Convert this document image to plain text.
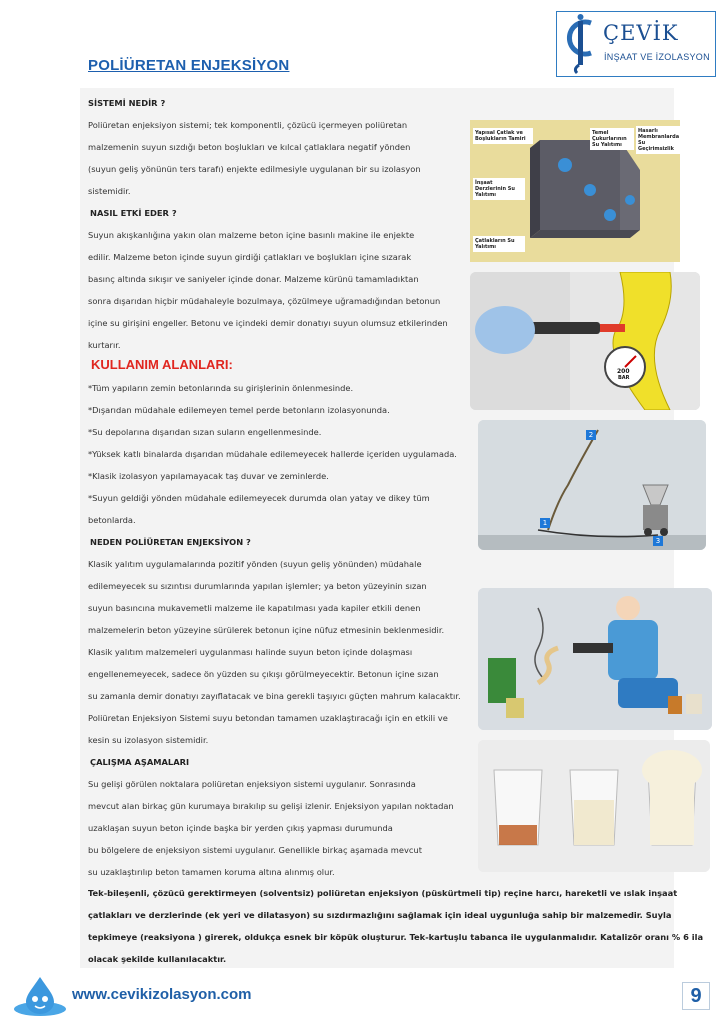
ÇEVİK
İNŞAAT VE İZOLASYON
POLİÜRETAN ENJEKSİYON
SİSTEMİ NEDİR ?
Poliüretan enjeksiyon sistemi; tek komponentli, çözücü içermeyen poliüretan
malzemenin suyun sızdığı beton boşlukları ve kılcal çatlaklara negatif yönden
(suyun geliş yönünün ters tarafı) enjekte edilmesiyle uygulanan bir su izolasyon
sistemidir.
NASIL ETKİ EDER ?
Suyun akışkanlığına yakın olan malzeme beton içine basınlı makine ile enjekte
edilir. Malzeme beton içinde suyun girdiği çatlakları ve boşlukları içine sızarak
basınç altında sıkışır ve saniyeler içinde donar. Malzeme kürünü tamamladıktan
sonra dışarıdan hiçbir müdahaleyle bozulmaya, çözülmeye uğramadığından betonun
içine su girişini engeller. Betonu ve içindeki demir donatıyı suyun olumsuz etkilerinden
kurtarır.
KULLANIM ALANLARI:
*Tüm yapıların zemin betonlarında su girişlerinin önlenmesinde.
*Dışarıdan müdahale edilemeyen temel perde betonların izolasyonunda.
*Su depolarına dışarıdan sızan suların engellenmesinde.
*Yüksek katlı binalarda dışarıdan müdahale edilemeyecek hallerde içeriden uygulamada.
*Klasik izolasyon yapılamayacak taş duvar ve zeminlerde.
*Suyun geldiği yönden müdahale edilemeyecek durumda olan yatay ve dikey tüm
betonlarda.
NEDEN POLİÜRETAN ENJEKSİYON ?
Klasik yalıtım uygulamalarında pozitif yönden (suyun geliş yönünden) müdahale
edilemeyecek su sızıntısı durumlarında yapılan işlemler; ya beton yüzeyinin sızan
suyun basıncına mukavemetli malzeme ile kapatılması yada kapiler etkili denen
malzemelerin beton yüzeyine sürülerek betonun içine nüfuz etmesinin beklenmesidir.
Klasik yalıtım malzemeleri uygulanması halinde suyun beton içinde dolaşması
engellenemeyecek, sadece ön yüzden su çıkışı görülmeyecektir. Betonun içine sızan
su zamanla demir donatıyı zayıflatacak ve bina gerekli taşıyıcı güçten mahrum kalacaktır.
Poliüretan Enjeksiyon Sistemi suyu betondan tamamen uzaklaştıracağı için en etkili ve
kesin su izolasyon sistemidir.
ÇALIŞMA AŞAMALARI
Su gelişi görülen noktalara poliüretan enjeksiyon sistemi uygulanır. Sonrasında
mevcut alan birkaç gün kurumaya bırakılıp su gelişi izlenir. Enjeksiyon yapılan noktadan
uzaklaşan suyun beton içinde başka bir yerden çıkış yapması durumunda
bu bölgelere de enjeksiyon sistemi uygulanır. Genellikle birkaç aşamada mevcut
su uzaklaştırılıp beton tamamen koruma altına alınmış olur.
Tek-bileşenli, çözücü gerektirmeyen (solventsiz) poliüretan enjeksiyon (püskürtmeli tip) reçine harcı, hareketli ve ıslak inşaat
çatlakları ve derzlerinde (ek yeri ve dilatasyon) su sızdırmazlığını sağlamak için ideal uygunluğa sahip bir malzemedir. Suyla
tepkimeye (reaksiyona ) girerek, oldukça esnek bir köpük oluşturur. Tek-kartuşlu tabanca ile uygulanmalıdır. Katalizör oranı % 6 ila
olacak şekilde kullanılacaktır.
Yapısal Çatlak ve Boşlukların Tamiri
Temel Çukurlarının Su Yalıtımı
Hasarlı Membranlarda Su Geçirimsizlik
İnşaat Derzlerinin Su Yalıtımı
Çatlakların Su Yalıtımı
200
BAR
1
2
3
www.cevikizolasyon.com	9
